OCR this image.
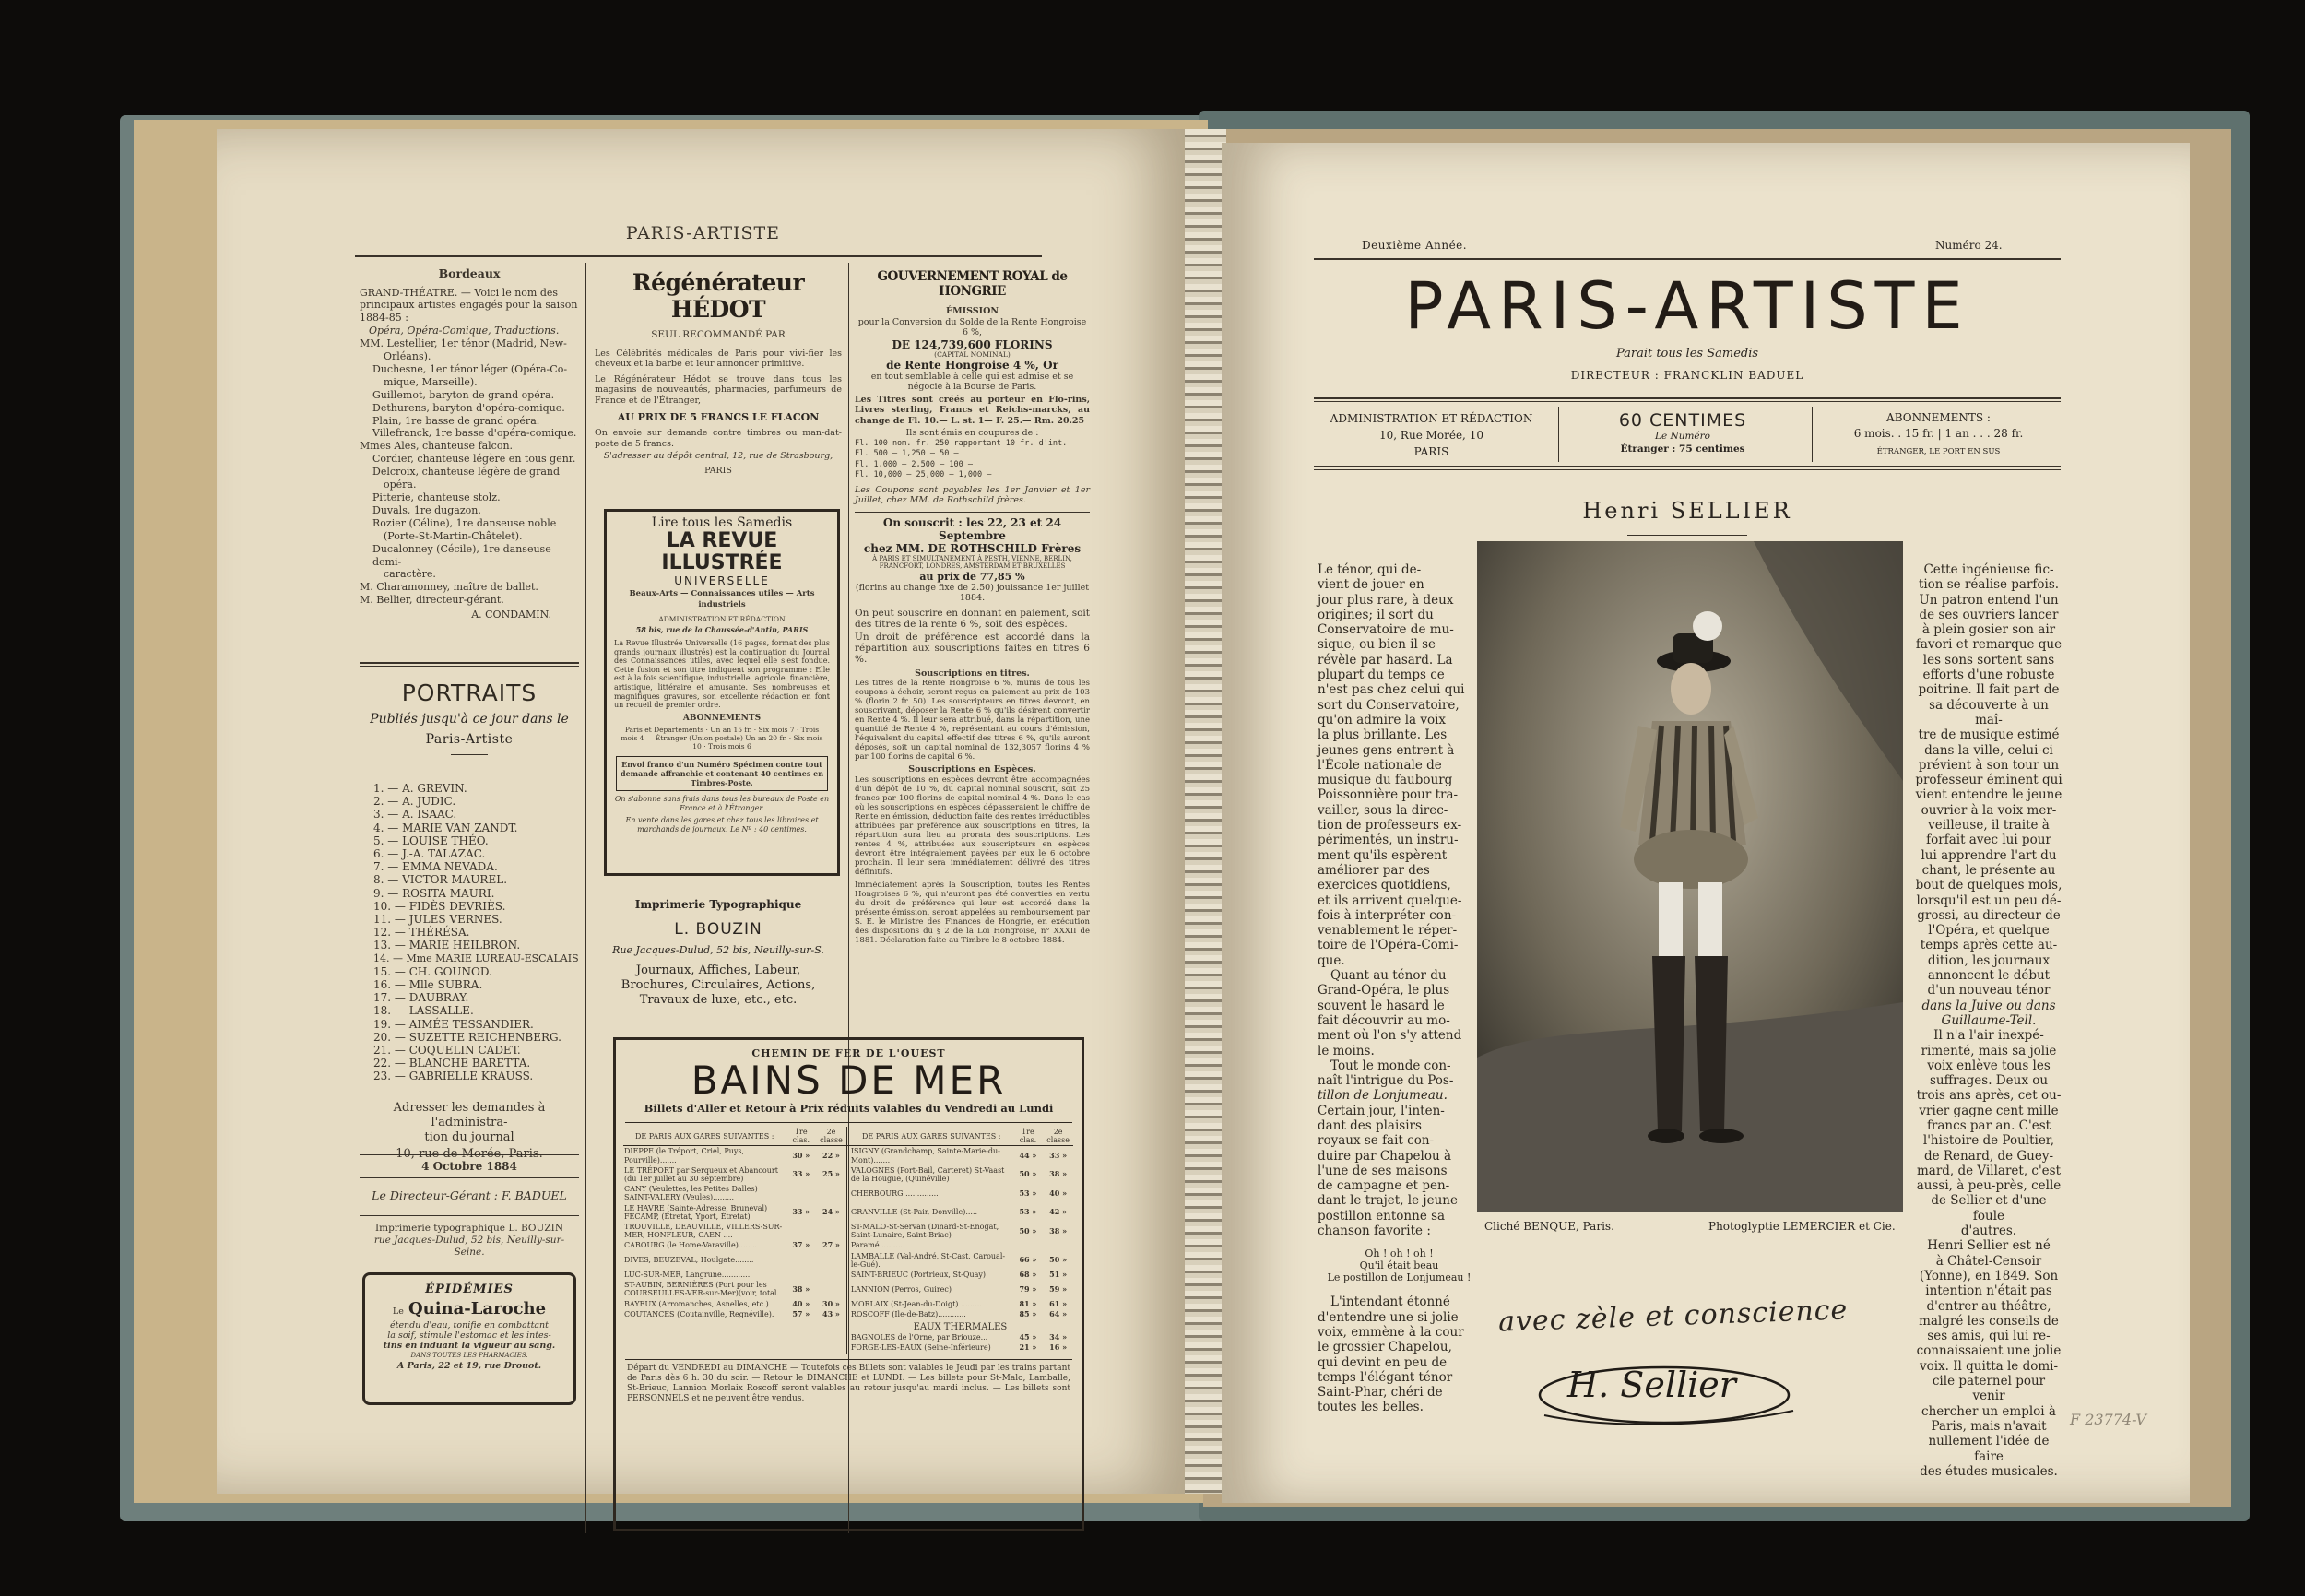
PARIS-ARTISTE
Bordeaux
GRAND-THÉATRE. — Voici le nom des
principaux artistes engagés pour la saison
1884-85 :
Opéra, Opéra-Comique, Traductions.
MM. Lestellier, 1er ténor (Madrid, New-
Orléans).
Duchesne, 1er ténor léger (Opéra-Co-
mique, Marseille).
Guillemot, baryton de grand opéra.
Dethurens, baryton d'opéra-comique.
Plain, 1re basse de grand opéra.
Villefranck, 1re basse d'opéra-comique.
Mmes Ales, chanteuse falcon.
Cordier, chanteuse légère en tous genr.
Delcroix, chanteuse légère de grand
opéra.
Pitterie, chanteuse stolz.
Duvals, 1re dugazon.
Rozier (Céline), 1re danseuse noble
(Porte-St-Martin-Châtelet).
Ducalonney (Cécile), 1re danseuse demi-
caractère.
M. Charamonney, maître de ballet.
M. Bellier, directeur-gérant.
A. CONDAMIN.
PORTRAITS
Publiés jusqu'à ce jour dans le
Paris-Artiste
1. — A. GREVIN.
2. — A. JUDIC.
3. — A. ISAAC.
4. — MARIE VAN ZANDT.
5. — LOUISE THÉO.
6. — J.-A. TALAZAC.
7. — EMMA NEVADA.
8. — VICTOR MAUREL.
9. — ROSITA MAURI.
10. — FIDÈS DEVRIÈS.
11. — JULES VERNES.
12. — THÉRÉSA.
13. — MARIE HEILBRON.
14. — Mme MARIE LUREAU-ESCALAIS
15. — CH. GOUNOD.
16. — Mlle SUBRA.
17. — DAUBRAY.
18. — LASSALLE.
19. — AIMÉE TESSANDIER.
20. — SUZETTE REICHENBERG.
21. — COQUELIN CADET.
22. — BLANCHE BARETTA.
23. — GABRIELLE KRAUSS.
Adresser les demandes à l'administra-
tion du journal
10, rue de Morée, Paris.
4 Octobre 1884
Le Directeur-Gérant : F. BADUEL
Imprimerie typographique L. BOUZIN
rue Jacques-Dulud, 52 bis, Neuilly-sur-Seine.
ÉPIDÉMIES
Le Quina-Laroche
étendu d'eau, tonifie en combattant
la soif, stimule l'estomac et les intes-
tins en induant la vigueur au sang.
DANS TOUTES LES PHARMACIES.
A Paris, 22 et 19, rue Drouot.
Régénérateur HÉDOT
SEUL RECOMMANDÉ PAR
Les Célébrités médicales de Paris pour vivi-fier les cheveux et la barbe et leur annoncer primitive.
Le Régénérateur Hédot se trouve dans tous les magasins de nouveautés, pharmacies, parfumeurs de France et de l'Étranger,
AU PRIX DE 5 FRANCS LE FLACON
On envoie sur demande contre timbres ou man-dat-poste de 5 francs.
S'adresser au dépôt central, 12, rue de Strasbourg,
PARIS
Lire tous les Samedis
LA REVUE ILLUSTRÉE
UNIVERSELLE
Beaux-Arts — Connaissances utiles — Arts industriels
ADMINISTRATION ET RÉDACTION
58 bis, rue de la Chaussée-d'Antin, PARIS
La Revue Illustrée Universelle (16 pages, format des plus grands journaux illustrés) est la continuation du Journal des Connaissances utiles, avec lequel elle s'est fondue. Cette fusion et son titre indiquent son programme : Elle est à la fois scientifique, industrielle, agricole, financière, artistique, littéraire et amusante. Ses nombreuses et magnifiques gravures, son excellente rédaction en font un recueil de premier ordre.
ABONNEMENTS
Paris et Départements · Un an 15 fr. · Six mois 7 · Trois mois 4 — Étranger (Union postale) Un an 20 fr. · Six mois 10 · Trois mois 6
Envoi franco d'un Numéro Spécimen contre tout demande affranchie et contenant 40 centimes en Timbres-Poste.
On s'abonne sans frais dans tous les bureaux de Poste en France et à l'Étranger.
En vente dans les gares et chez tous les libraires et marchands de journaux. Le Nº : 40 centimes.
Imprimerie Typographique
L. BOUZIN
Rue Jacques-Dulud, 52 bis, Neuilly-sur-S.
Journaux, Affiches, Labeur,
Brochures, Circulaires, Actions,
Travaux de luxe, etc., etc.
GOUVERNEMENT ROYAL de HONGRIE
ÉMISSION
pour la Conversion du Solde de la Rente Hongroise 6 %,
DE 124,739,600 FLORINS
(CAPITAL NOMINAL)
de Rente Hongroise 4 %, Or
en tout semblable à celle qui est admise et se négocie à la Bourse de Paris.
Les Titres sont créés au porteur en Flo-rins, Livres sterling, Francs et Reichs-marcks, au change de Fl. 10.— L. st. 1— F. 25.— Rm. 20.25
Ils sont émis en coupures de :
Fl. 100 nom. fr. 250 rapportant 10 fr. d'int.
Fl. 500 — 1,250 — 50 —
Fl. 1,000 — 2,500 — 100 —
Fl. 10,000 — 25,000 — 1,000 —
Les Coupons sont payables les 1er Janvier et 1er Juillet, chez MM. de Rothschild frères.
On souscrit : les 22, 23 et 24 Septembre
chez MM. DE ROTHSCHILD Frères
À PARIS ET SIMULTANÉMENT À PESTH, VIENNE, BERLIN, FRANCFORT, LONDRES, AMSTERDAM ET BRUXELLES
au prix de 77,85 %
(florins au change fixe de 2.50) jouissance 1er juillet 1884.
On peut souscrire en donnant en paiement, soit des titres de la rente 6 %, soit des espèces.
Un droit de préférence est accordé dans la répartition aux souscriptions faites en titres 6 %.
Souscriptions en titres.
Les titres de la Rente Hongroise 6 %, munis de tous les coupons à échoir, seront reçus en paiement au prix de 103 % (florin 2 fr. 50). Les souscripteurs en titres devront, en souscrivant, déposer la Rente 6 % qu'ils désirent convertir en Rente 4 %. Il leur sera attribué, dans la répartition, une quantité de Rente 4 %, représentant au cours d'émission, l'équivalent du capital effectif des titres 6 %, qu'ils auront déposés, soit un capital nominal de 132,3057 florins 4 % par 100 florins de capital 6 %.
Souscriptions en Espèces.
Les souscriptions en espèces devront être accompagnées d'un dépôt de 10 %, du capital nominal souscrit, soit 25 francs par 100 florins de capital nominal 4 %. Dans le cas où les souscriptions en espèces dépasseraient le chiffre de Rente en émission, déduction faite des rentes irréductibles attribuées par préférence aux souscriptions en titres, la répartition aura lieu au prorata des souscriptions. Les rentes 4 %, attribuées aux souscripteurs en espèces devront être intégralement payées par eux le 6 octobre prochain. Il leur sera immédiatement délivré des titres définitifs.
Immédiatement après la Souscription, toutes les Rentes Hongroises 6 %, qui n'auront pas été converties en vertu du droit de préférence qui leur est accordé dans la présente émission, seront appelées au remboursement par S. E. le Ministre des Finances de Hongrie, en exécution des dispositions du § 2 de la Loi Hongroise, n° XXXII de 1881. Déclaration faite au Timbre le 8 octobre 1884.
CHEMIN DE FER DE L'OUEST
BAINS DE MER
Billets d'Aller et Retour à Prix réduits valables du Vendredi au Lundi
DE PARIS AUX GARES SUIVANTES :	1re clas.	2e classe	DE PARIS AUX GARES SUIVANTES :	1re clas.	2e classe
DIEPPE (le Tréport, Criel, Puys, Pourville).......	30 »	22 »	ISIGNY (Grandchamp, Sainte-Marie-du-Mont).......	44 »	33 »
LE TRÉPORT par Serqueux et Abancourt (du 1er juillet au 30 septembre)	33 »	25 »	VALOGNES (Port-Bail, Carteret) St-Vaast de la Hougue, (Quinéville)	50 »	38 »
CANY (Veulettes, les Petites Dalles) SAINT-VALERY (Veules).........			CHERBOURG ..............	53 »	40 »
LE HAVRE (Sainte-Adresse, Bruneval) FÉCAMP, (Étretat, Yport, Étretat)	33 »	24 »	GRANVILLE (St-Pair, Donville).....	53 »	42 »
TROUVILLE, DEAUVILLE, VILLERS-SUR-MER, HONFLEUR, CAEN ....			ST-MALO-St-Servan (Dinard-St-Enogat, Saint-Lunaire, Saint-Briac)	50 »	38 »
CABOURG (le Home-Varaville)........	37 »	27 »	Paramé .........		
DIVES, BEUZEVAL, Houlgate........			LAMBALLE (Val-André, St-Cast, Caroual-le-Gué).	66 »	50 »
LUC-SUR-MER, Langrune............			SAINT-BRIEUC (Portrieux, St-Quay)	68 »	51 »
ST-AUBIN, BERNIÈRES (Port pour les COURSEULLES-VER-sur-Mer)(voir, total.	38 »		LANNION (Perros, Guirec)	79 »	59 »
BAYEUX (Arromanches, Asnelles, etc.)	40 »	30 »	MORLAIX (St-Jean-du-Doigt) .........	81 »	61 »
COUTANCES (Coutainville, Regnéville).	57 »	43 »	ROSCOFF (Ile-de-Batz)............	85 »	64 »
			EAUX THERMALES		
			BAGNOLES de l'Orne, par Briouze...	45 »	34 »
			FORGE-LES-EAUX (Seine-Inférieure)	21 »	16 »
Départ du VENDREDI au DIMANCHE — Toutefois ces Billets sont valables le Jeudi par les trains partant de Paris dès 6 h. 30 du soir. — Retour le DIMANCHE et LUNDI. — Les billets pour St-Malo, Lamballe, St-Brieuc, Lannion Morlaix Roscoff seront valables au retour jusqu'au mardi inclus. — Les billets sont PERSONNELS et ne peuvent être vendus.
Deuxième Année.	Numéro 24.
PARIS-ARTISTE
Parait tous les Samedis
DIRECTEUR : FRANCKLIN BADUEL
ADMINISTRATION ET RÉDACTION
10, Rue Morée, 10
PARIS
60 CENTIMES
Le Numéro
Étranger : 75 centimes
ABONNEMENTS :
6 mois. . 15 fr. | 1 an . . . 28 fr.
ÉTRANGER, LE PORT EN SUS
Henri SELLIER
Le ténor, qui de-
vient de jouer en
jour plus rare, à deux
origines; il sort du
Conservatoire de mu-
sique, ou bien il se
révèle par hasard. La
plupart du temps ce
n'est pas chez celui qui
sort du Conservatoire,
qu'on admire la voix
la plus brillante. Les
jeunes gens entrent à
l'École nationale de
musique du faubourg
Poissonnière pour tra-
vailler, sous la direc-
tion de professeurs ex-
périmentés, un instru-
ment qu'ils espèrent
améliorer par des
exercices quotidiens,
et ils arrivent quelque-
fois à interpréter con-
venablement le réper-
toire de l'Opéra-Comi-
que.
Quant au ténor du
Grand-Opéra, le plus
souvent le hasard le
fait découvrir au mo-
ment où l'on s'y attend
le moins.
Tout le monde con-
naît l'intrigue du Pos-
tillon de Lonjumeau.
Certain jour, l'inten-
dant des plaisirs
royaux se fait con-
duire par Chapelou à
l'une de ses maisons
de campagne et pen-
dant le trajet, le jeune
postillon entonne sa
chanson favorite :
Oh ! oh ! oh !
Qu'il était beau
Le postillon de Lonjumeau !
L'intendant étonné
d'entendre une si jolie
voix, emmène à la cour
le grossier Chapelou,
qui devint en peu de
temps l'élégant ténor
Saint-Phar, chéri de
toutes les belles.
Cliché BENQUE, Paris.	Photoglyptie LEMERCIER et Cie.
avec zèle et conscience
H. Sellier
Cette ingénieuse fic-
tion se réalise parfois.
Un patron entend l'un
de ses ouvriers lancer
à plein gosier son air
favori et remarque que
les sons sortent sans
efforts d'une robuste
poitrine. Il fait part de
sa découverte à un maî-
tre de musique estimé
dans la ville, celui-ci
prévient à son tour un
professeur éminent qui
vient entendre le jeune
ouvrier à la voix mer-
veilleuse, il traite à
forfait avec lui pour
lui apprendre l'art du
chant, le présente au
bout de quelques mois,
lorsqu'il est un peu dé-
grossi, au directeur de
l'Opéra, et quelque
temps après cette au-
dition, les journaux
annoncent le début
d'un nouveau ténor
dans la Juive ou dans
Guillaume-Tell.
Il n'a l'air inexpé-
rimenté, mais sa jolie
voix enlève tous les
suffrages. Deux ou
trois ans après, cet ou-
vrier gagne cent mille
francs par an. C'est
l'histoire de Poultier,
de Renard, de Guey-
mard, de Villaret, c'est
aussi, à peu-près, celle
de Sellier et d'une foule
d'autres.
Henri Sellier est né
à Châtel-Censoir
(Yonne), en 1849. Son
intention n'était pas
d'entrer au théâtre,
malgré les conseils de
ses amis, qui lui re-
connaissaient une jolie
voix. Il quitta le domi-
cile paternel pour venir
chercher un emploi à
Paris, mais n'avait
nullement l'idée de faire
des études musicales.
F 23774-V
